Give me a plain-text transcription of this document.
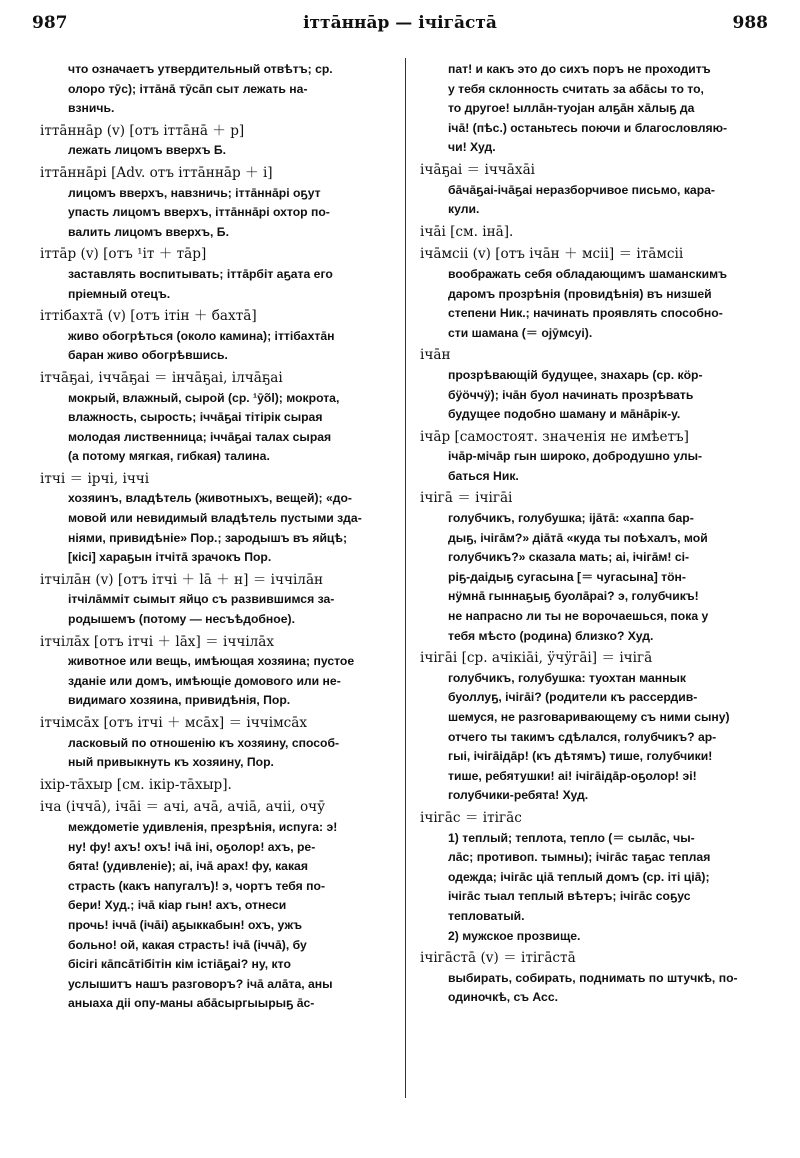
987	іттāннāр — ічігāстā	988
что означаетъ утвердительный отвѣтъ; ср.
олоро тӯс); іттāнā тӯсāп сыт лежать на-
взничь.
іттāннāр (v) [отъ іттāнā ＋ р]
лежать лицомъ вверхъ Б.
іттāннāрі [Adv. отъ іттāннāр ＋ і]
лицомъ вверхъ, навзничь; іттāннāрі оҕут
упасть лицомъ вверхъ, іттāннāрі охтор по-
валить лицомъ вверхъ, Б.
іттāр (v) [отъ ¹іт ＋ тāр]
заставлять воспитывать; іттāрбіт аҕата его
пріемный отецъ.
іттібахтā (v) [отъ ітін ＋ бахтā]
живо обогрѣться (около камина); іттібахтāн
баран живо обогрѣвшись.
ітчāҕаі, іччāҕаі ＝ інчāҕаі, ілчāҕаі
мокрый, влажный, сырой (ср. ¹ӯõl); мокрота,
влажность, сырость; іччāҕаі тітірік сырая
молодая лиственница; іччāҕаі талах сырая
(а потому мягкая, гибкая) талина.
ітчі ＝ ірчі, іччі
хозяинъ, владѣтель (животныхъ, вещей); «до-
мовой или невидимый владѣтель пустыми зда-
ніями, привидѣніе» Пор.; зародышъ въ яйцѣ;
[кісі] хараҕын ітчітā зрачокъ Пор.
ітчілāн (v) [отъ ітчі ＋ lā ＋ н] ＝ іччілāн
ітчілāмміт сымыт яйцо съ развившимся за-
родышемъ (потому — несъѣдобное).
ітчілāх [отъ ітчі ＋ lāх] ＝ іччілāх
животное или вещь, имѣющая хозяина; пустое
зданіе или домъ, имѣющіе домового или не-
видимаго хозяина, привидѣнія, Пор.
ітчімсāх [отъ ітчі ＋ мсāх] ＝ іччімсāх
ласковый по отношенію къ хозяину, способ-
ный привыкнуть къ хозяину, Пор.
іхір-тāхыр [см. ікір-тāхыр].
іча (іччā), ічāі ＝ ачі, ачā, ачіā, ачіі, очӯ
междометіе удивленія, презрѣнія, испуга: э!
ну! фу! ахъ! охъ! ічā іні, оҕолор! ахъ, ре-
бята! (удивленіе); аі, ічā арах! фу, какая
страсть (какъ напугалъ)! э, чортъ тебя по-
бери! Худ.; ічā кіар гын! ахъ, отнеси
прочь! іччā (ічāі) аҕыккабын! охъ, ужъ
больно! ой, какая страсть! ічā (іччā), бу
бісігі кāпсāтібітін кім істіāҕаі? ну, кто
услышитъ нашъ разговоръ? ічā алāта, аны
аныаха діі опу-маны абāсыргыырыҕ āс-
пат! и какъ это до сихъ поръ не проходитъ
у тебя склонность считать за абāсы то то,
то другое! ыллāн-туојан алҕāн хāлыҕ да
ічā! (пѣс.) останьтесь поючи и благословляю-
чи! Худ.
ічāҕаі ＝ іччāхāі
бāчāҕаі-ічāҕаі неразборчивое письмо, кара-
кули.
ічāі [см. інā].
ічāмсіі (v) [отъ ічāн ＋ мсіі] ＝ ітāмсіі
воображать себя обладающимъ шаманскимъ
даромъ прозрѣнія (провидѣнія) въ низшей
степени Ник.; начинать проявлять способно-
сти шамана (＝ ојӯмсуі).
ічāн
прозрѣвающій будущее, знахарь (ср. кӧр-
бӱӧччӱ); ічāн буол начинать прозрѣвать
будущее подобно шаману и мāнāрік-у.
ічāр [самостоят. значенія не имѣетъ]
ічāр-мічāр гын широко, добродушно улы-
баться Ник.
ічігā ＝ ічігāі
голубчикъ, голубушка; іјāтā: «хаппа бар-
дыҕ, ічігāм?» діāтā «куда ты поѣхалъ, мой
голубчикъ?» сказала мать; аі, ічігāм! сі-
ріҕ-даідыҕ сугасына [＝ чугасына] тӧн-
нӱмнā гыннаҕыҕ буолāраі? э, голубчикъ!
не напрасно ли ты не ворочаешься, пока у
тебя мѣсто (родина) близко? Худ.
ічігāі [ср. ачікіāі, ӱчӱгāі] ＝ ічігā
голубчикъ, голубушка: туохтан маннык
буоллуҕ, ічігāі? (родители къ рассердив-
шемуся, не разговаривающему съ ними сыну)
отчего ты такимъ сдѣлался, голубчикъ? ар-
гыі, ічігāідāр! (къ дѣтямъ) тише, голубчики!
тише, ребятушки! аі! ічігāідāр-оҕолор! эі!
голубчики-ребята! Худ.
ічігāс ＝ ітігāс
1) теплый; теплота, тепло (＝ сылāс, чы-
лāс; противоп. тымны); ічігāс таҕас теплая
одежда; ічігāс ціā теплый домъ (ср. іті ціā);
ічігāс тыал теплый вѣтеръ; ічігāс соҕус
тепловатый.
2) мужское прозвище.
ічігāстā (v) ＝ ітігāстā
выбирать, собирать, поднимать по штучкѣ, по-
одиночкѣ, съ Асс.
